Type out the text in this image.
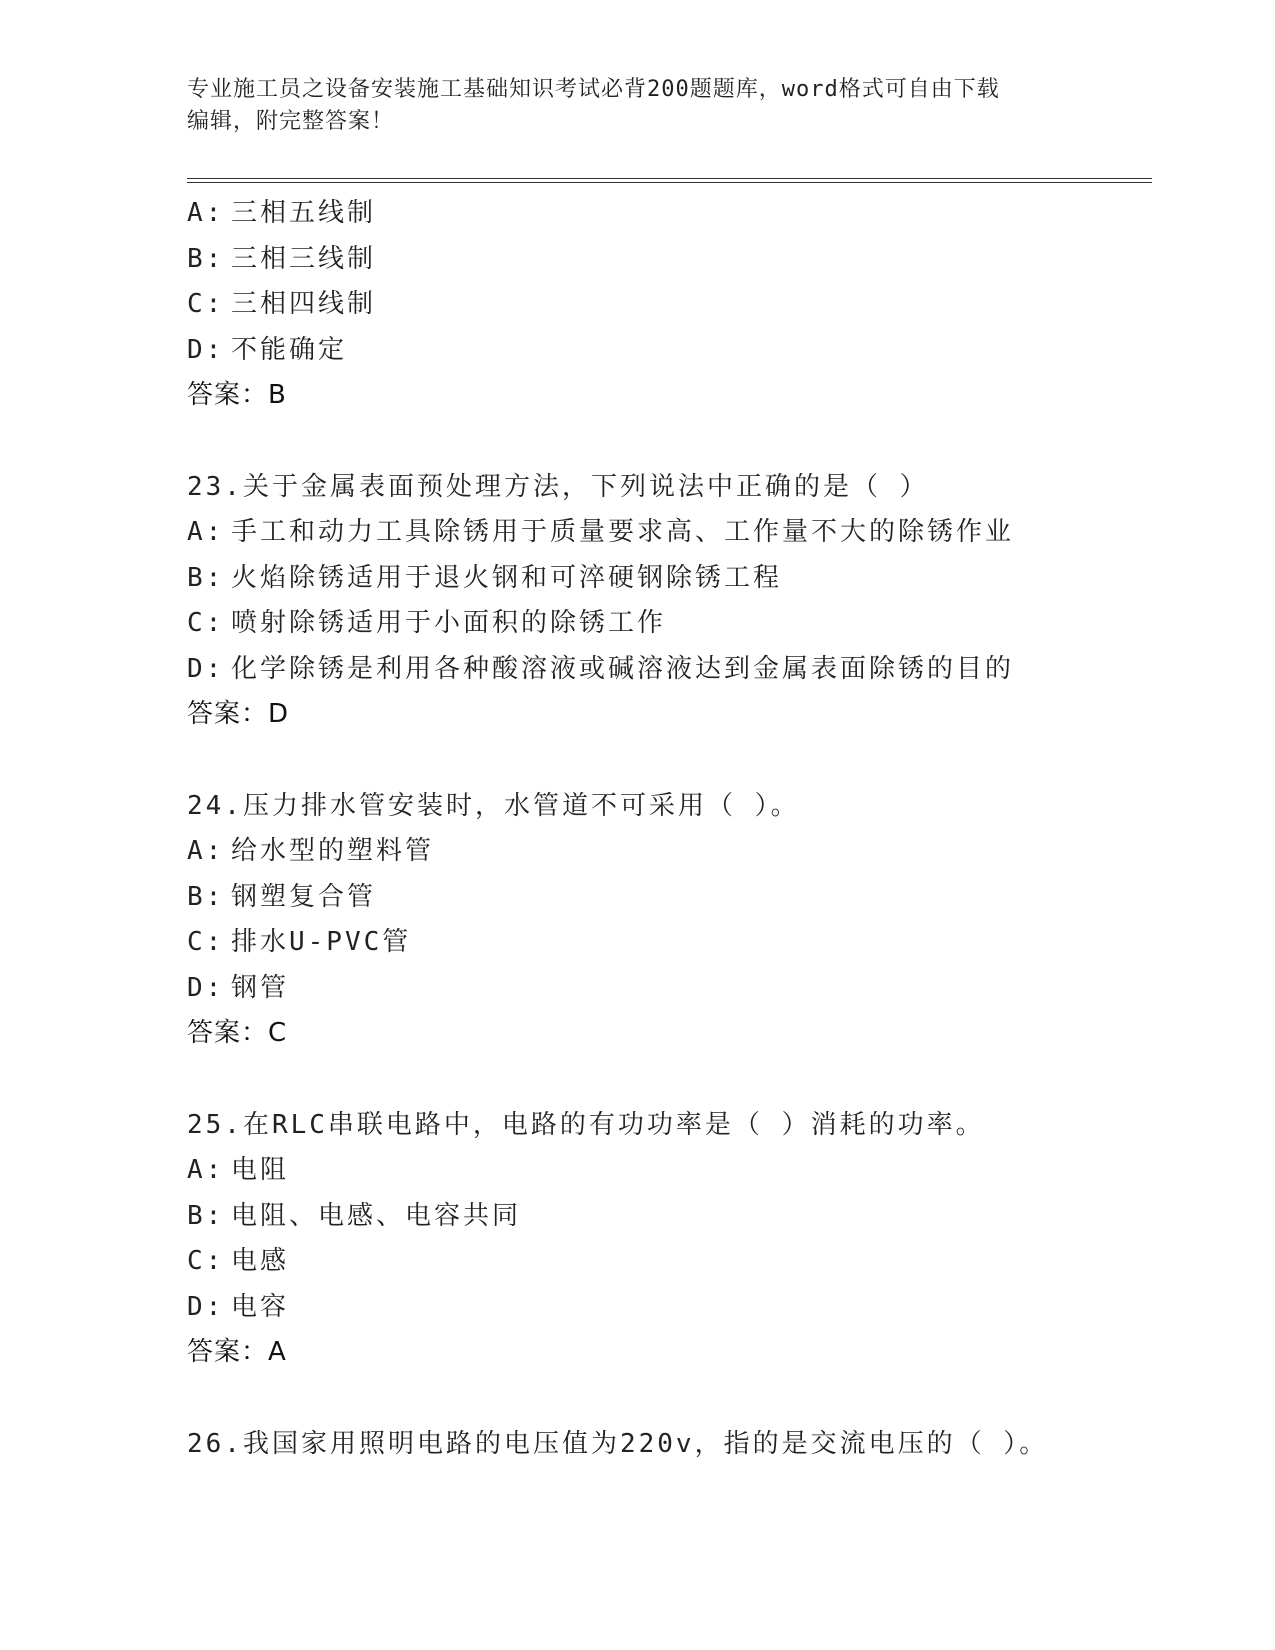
专业施工员之设备安装施工基础知识考试必背200题题库，word格式可自由下载
编辑，附完整答案！
A: 三相五线制
B: 三相三线制
C: 三相四线制
D: 不能确定
答案：B
23.关于金属表面预处理方法，下列说法中正确的是（ ）
A: 手工和动力工具除锈用于质量要求高、工作量不大的除锈作业
B: 火焰除锈适用于退火钢和可淬硬钢除锈工程
C: 喷射除锈适用于小面积的除锈工作
D: 化学除锈是利用各种酸溶液或碱溶液达到金属表面除锈的目的
答案：D
24.压力排水管安装时，水管道不可采用（ ）。
A: 给水型的塑料管
B: 钢塑复合管
C: 排水U-PVC管
D: 钢管
答案：C
25.在RLC串联电路中，电路的有功功率是（ ）消耗的功率。
A: 电阻
B: 电阻、电感、电容共同
C: 电感
D: 电容
答案：A
26.我国家用照明电路的电压值为220v，指的是交流电压的（ ）。
